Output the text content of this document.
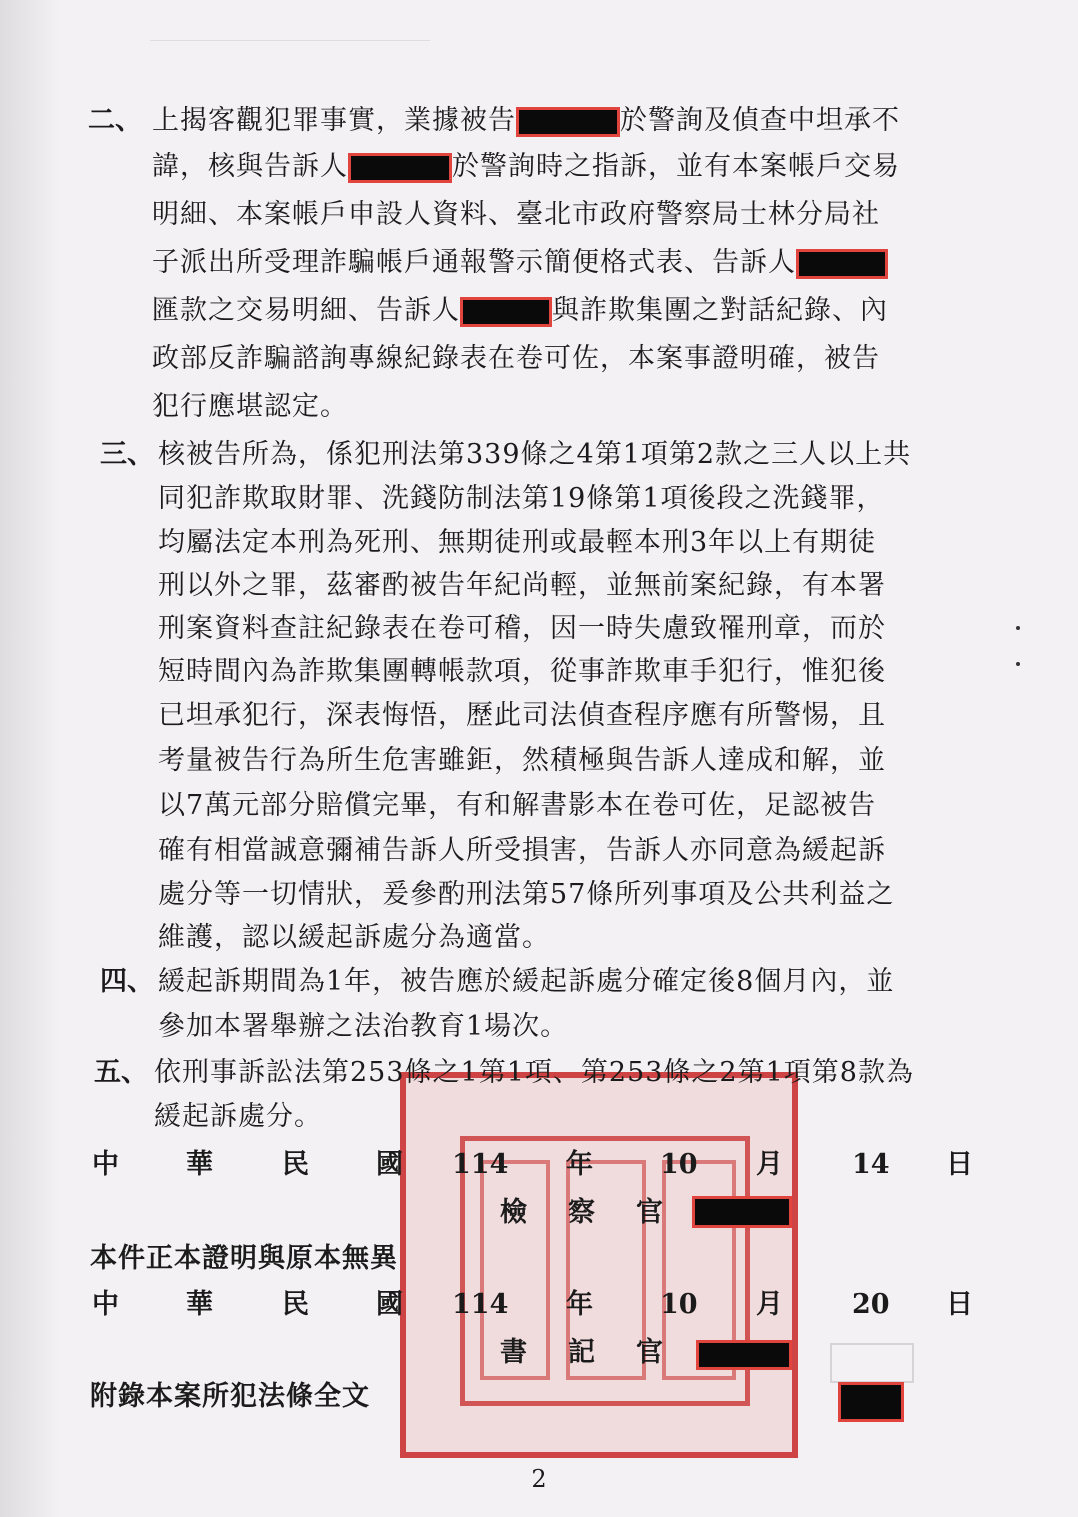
二、 上揭客觀犯罪事實，業據被告	於警詢及偵查中坦承不
諱，核與告訴人	於警詢時之指訴，並有本案帳戶交易
明細、本案帳戶申設人資料、臺北市政府警察局士林分局社
子派出所受理詐騙帳戶通報警示簡便格式表、告訴人
匯款之交易明細、告訴人	與詐欺集團之對話紀錄、內
政部反詐騙諮詢專線紀錄表在卷可佐，本案事證明確，被告
犯行應堪認定。
三、 核被告所為，係犯刑法第339條之4第1項第2款之三人以上共
同犯詐欺取財罪、洗錢防制法第19條第1項後段之洗錢罪，
均屬法定本刑為死刑、無期徒刑或最輕本刑3年以上有期徒
刑以外之罪，茲審酌被告年紀尚輕，並無前案紀錄，有本署
刑案資料查註紀錄表在卷可稽，因一時失慮致罹刑章，而於
短時間內為詐欺集團轉帳款項，從事詐欺車手犯行，惟犯後
已坦承犯行，深表悔悟，歷此司法偵查程序應有所警惕，且
考量被告行為所生危害雖鉅，然積極與告訴人達成和解，並
以7萬元部分賠償完畢，有和解書影本在卷可佐，足認被告
確有相當誠意彌補告訴人所受損害，告訴人亦同意為緩起訴
處分等一切情狀，爰參酌刑法第57條所列事項及公共利益之
維護，認以緩起訴處分為適當。
四、 緩起訴期間為1年，被告應於緩起訴處分確定後8個月內，並
參加本署舉辦之法治教育1場次。
五、 依刑事訴訟法第253條之1第1項、第253條之2第1項第8款為
緩起訴處分。
中 華	民 國 114 年 10 月	14 日
檢 察 官
本件正本證明與原本無異
中 華	民 國 114 年 10 月	20 日
書 記 官
附錄本案所犯法條全文
2
